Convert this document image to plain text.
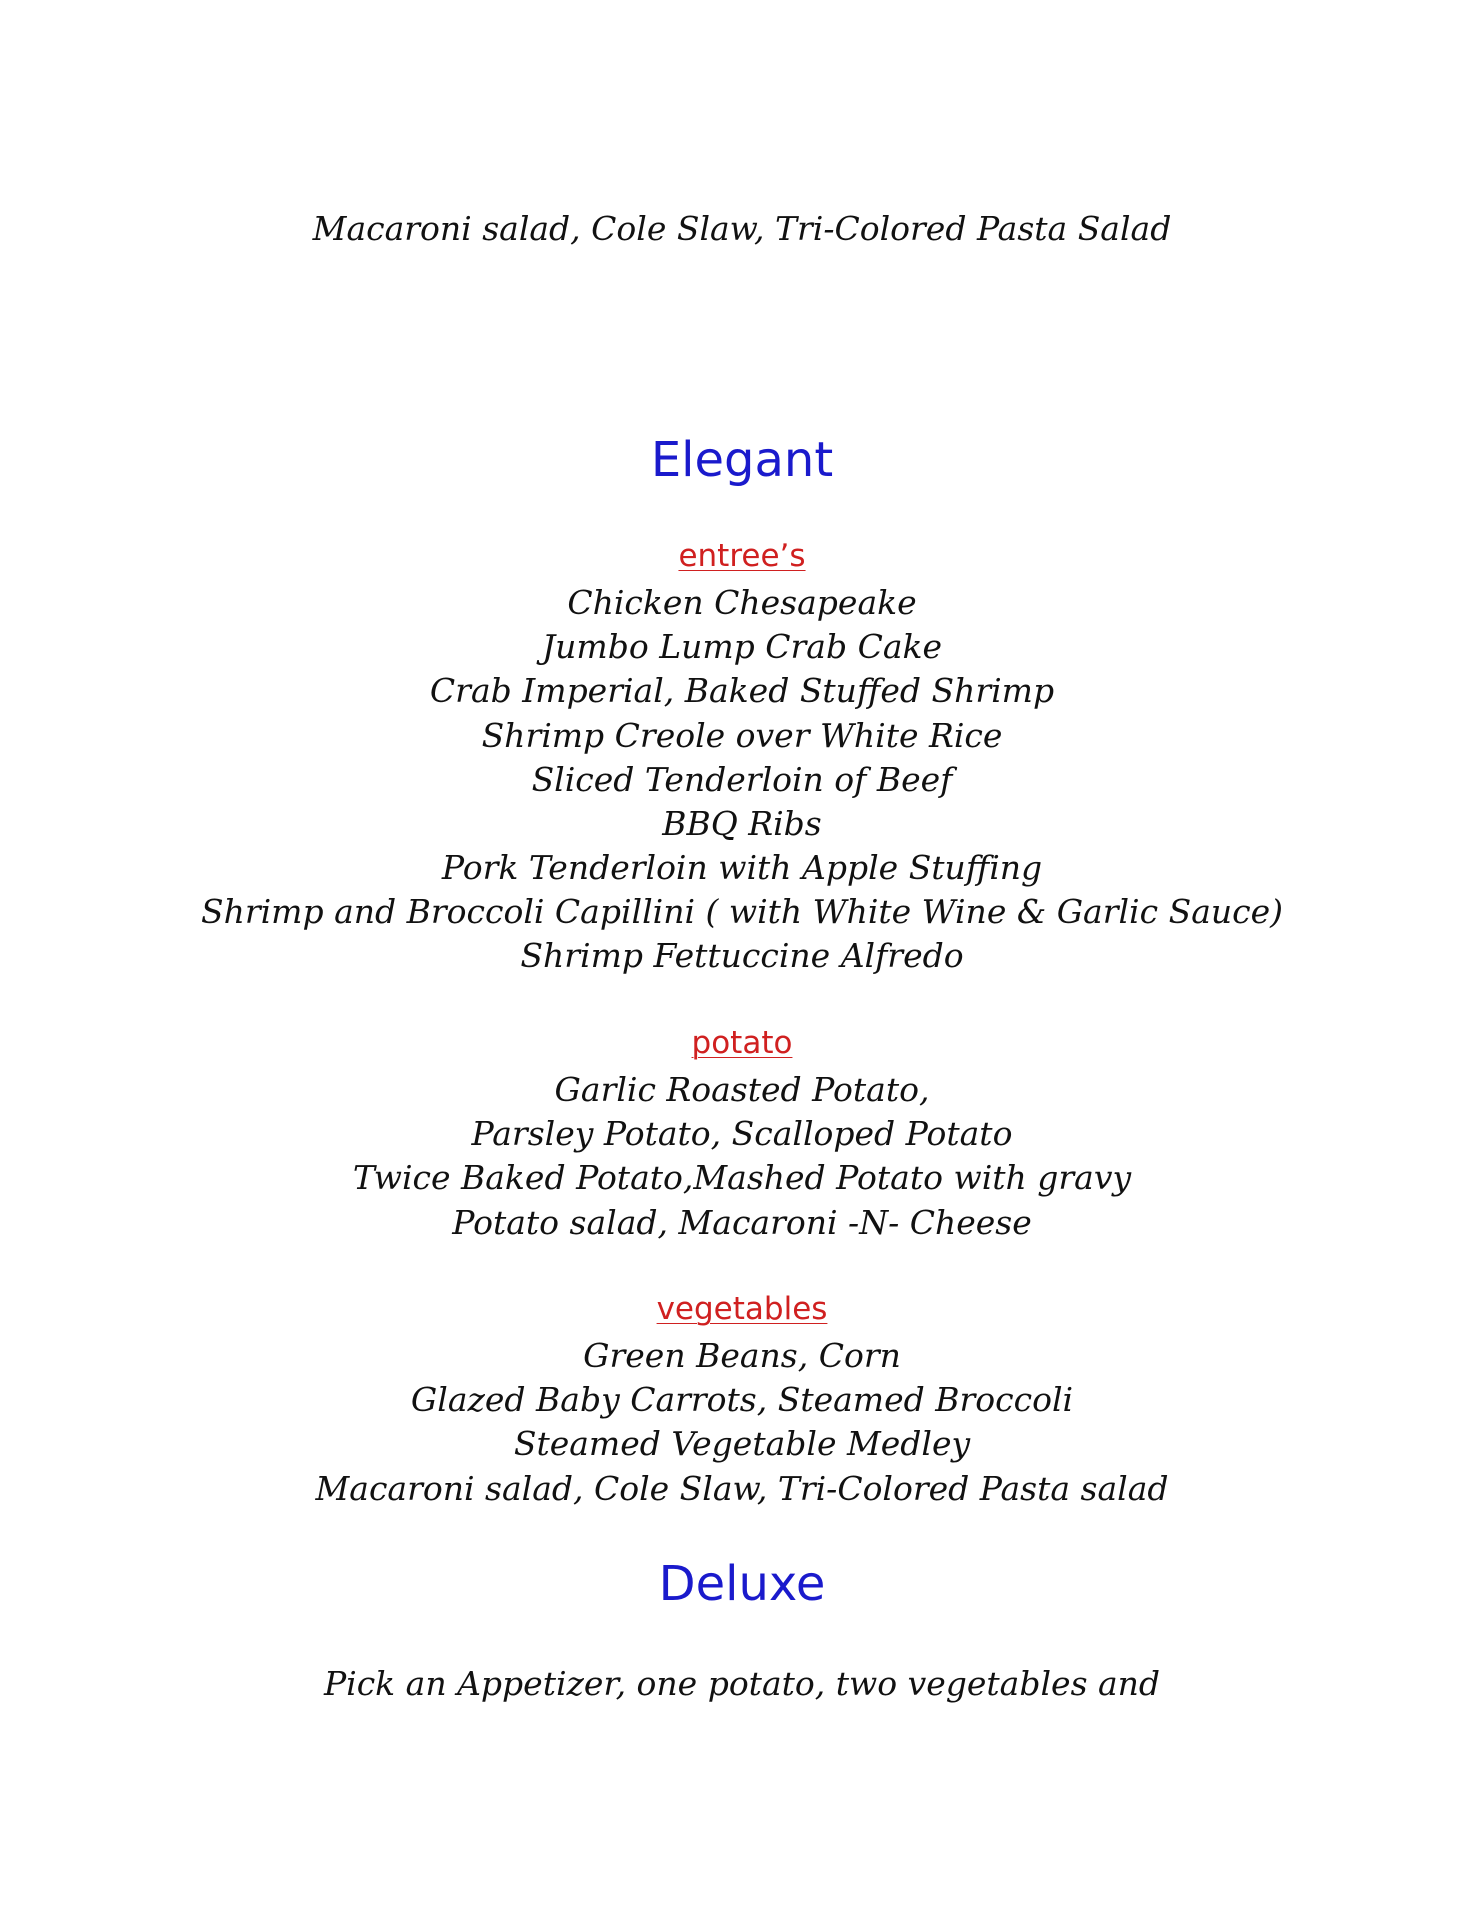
Macaroni salad, Cole Slaw, Tri-Colored Pasta Salad
Elegant
entree’s
Chicken Chesapeake
Jumbo Lump Crab Cake
Crab Imperial, Baked Stuffed Shrimp
Shrimp Creole over White Rice
Sliced Tenderloin of Beef
BBQ Ribs
Pork Tenderloin with Apple Stuffing
Shrimp and Broccoli Capillini ( with White Wine & Garlic Sauce)
Shrimp Fettuccine Alfredo
potato
Garlic Roasted Potato,
Parsley Potato, Scalloped Potato
Twice Baked Potato,Mashed Potato with gravy
Potato salad, Macaroni -N- Cheese
vegetables
Green Beans, Corn
Glazed Baby Carrots, Steamed Broccoli
Steamed Vegetable Medley
Macaroni salad, Cole Slaw, Tri-Colored Pasta salad
Deluxe
Pick an Appetizer, one potato, two vegetables and
